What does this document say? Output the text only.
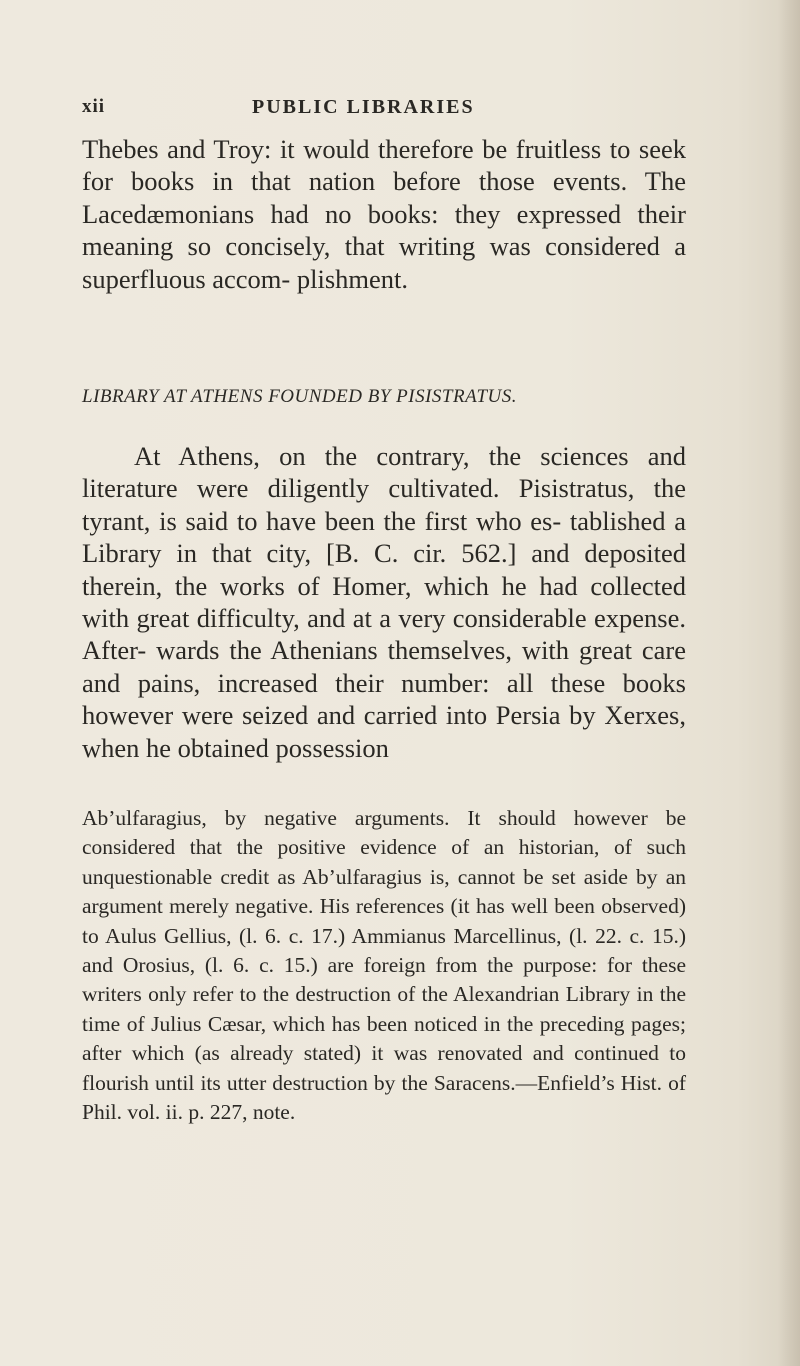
xii	PUBLIC LIBRARIES

Thebes and Troy: it would therefore be fruitless to seek for books in that nation before those events. The Lacedæmonians had no books: they expressed their meaning so concisely, that writing was considered a superfluous accom- plishment.

LIBRARY AT ATHENS FOUNDED BY PISISTRATUS.

At Athens, on the contrary, the sciences and literature were diligently cultivated. Pisistratus, the tyrant, is said to have been the first who es- tablished a Library in that city, [B. C. cir. 562.] and deposited therein, the works of Homer, which he had collected with great difficulty, and at a very considerable expense. After- wards the Athenians themselves, with great care and pains, increased their number: all these books however were seized and carried into Persia by Xerxes, when he obtained possession

Ab’ulfaragius, by negative arguments. It should however be considered that the positive evidence of an historian, of such unquestionable credit as Ab’ulfaragius is, cannot be set aside by an argument merely negative. His references (it has well been observed) to Aulus Gellius, (l. 6. c. 17.) Ammianus Marcellinus, (l. 22. c. 15.) and Orosius, (l. 6. c. 15.) are foreign from the purpose: for these writers only refer to the destruction of the Alexandrian Library in the time of Julius Cæsar, which has been noticed in the preceding pages; after which (as already stated) it was renovated and continued to flourish until its utter destruction by the Saracens.—Enfield’s Hist. of Phil. vol. ii. p. 227, note.
